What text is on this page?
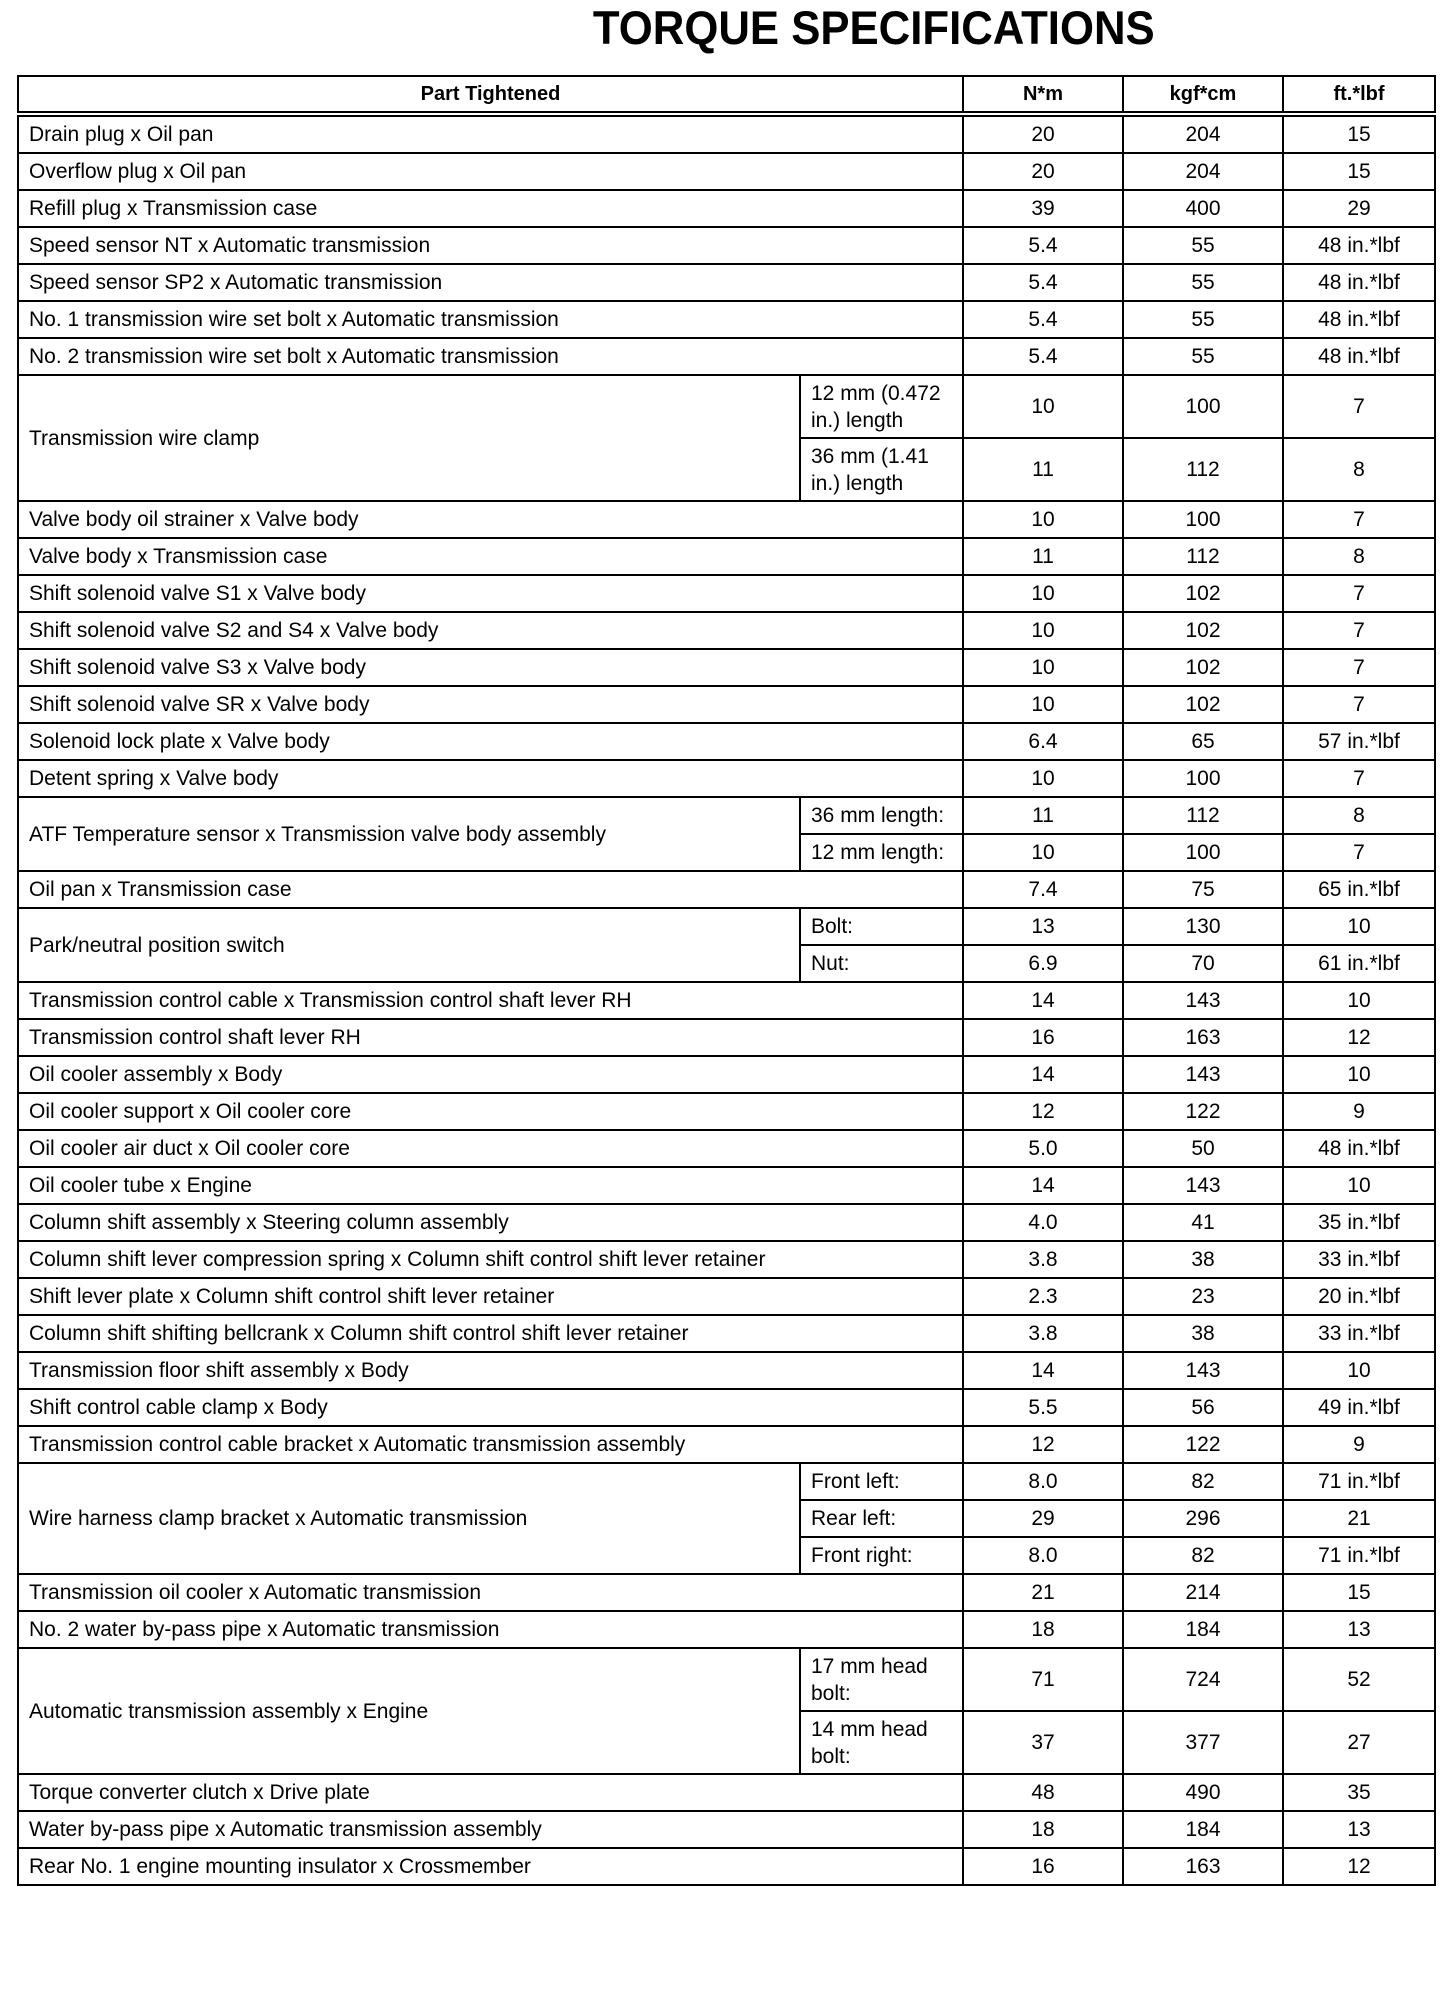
TORQUE SPECIFICATIONS
Part Tightened		N*m	kgf*cm	ft.*lbf
Drain plug x Oil pan		20	204	15
Overflow plug x Oil pan		20	204	15
Refill plug x Transmission case		39	400	29
Speed sensor NT x Automatic transmission		5.4	55	48 in.*lbf
Speed sensor SP2 x Automatic transmission		5.4	55	48 in.*lbf
No. 1 transmission wire set bolt x Automatic transmission		5.4	55	48 in.*lbf
No. 2 transmission wire set bolt x Automatic transmission		5.4	55	48 in.*lbf
Transmission wire clamp	12 mm (0.472 in.) length	10	100	7
	36 mm (1.41 in.) length	11	112	8
Valve body oil strainer x Valve body		10	100	7
Valve body x Transmission case		11	112	8
Shift solenoid valve S1 x Valve body		10	102	7
Shift solenoid valve S2 and S4 x Valve body		10	102	7
Shift solenoid valve S3 x Valve body		10	102	7
Shift solenoid valve SR x Valve body		10	102	7
Solenoid lock plate x Valve body		6.4	65	57 in.*lbf
Detent spring x Valve body		10	100	7
ATF Temperature sensor x Transmission valve body assembly	36 mm length:	11	112	8
	12 mm length:	10	100	7
Oil pan x Transmission case		7.4	75	65 in.*lbf
Park/neutral position switch	Bolt:	13	130	10
	Nut:	6.9	70	61 in.*lbf
Transmission control cable x Transmission control shaft lever RH		14	143	10
Transmission control shaft lever RH		16	163	12
Oil cooler assembly x Body		14	143	10
Oil cooler support x Oil cooler core		12	122	9
Oil cooler air duct x Oil cooler core		5.0	50	48 in.*lbf
Oil cooler tube x Engine		14	143	10
Column shift assembly x Steering column assembly		4.0	41	35 in.*lbf
Column shift lever compression spring x Column shift control shift lever retainer		3.8	38	33 in.*lbf
Shift lever plate x Column shift control shift lever retainer		2.3	23	20 in.*lbf
Column shift shifting bellcrank x Column shift control shift lever retainer		3.8	38	33 in.*lbf
Transmission floor shift assembly x Body		14	143	10
Shift control cable clamp x Body		5.5	56	49 in.*lbf
Transmission control cable bracket x Automatic transmission assembly		12	122	9
Wire harness clamp bracket x Automatic transmission	Front left:	8.0	82	71 in.*lbf
	Rear left:	29	296	21
	Front right:	8.0	82	71 in.*lbf
Transmission oil cooler x Automatic transmission		21	214	15
No. 2 water by-pass pipe x Automatic transmission		18	184	13
Automatic transmission assembly x Engine	17 mm head bolt:	71	724	52
	14 mm head bolt:	37	377	27
Torque converter clutch x Drive plate		48	490	35
Water by-pass pipe x Automatic transmission assembly		18	184	13
Rear No. 1 engine mounting insulator x Crossmember		16	163	12
